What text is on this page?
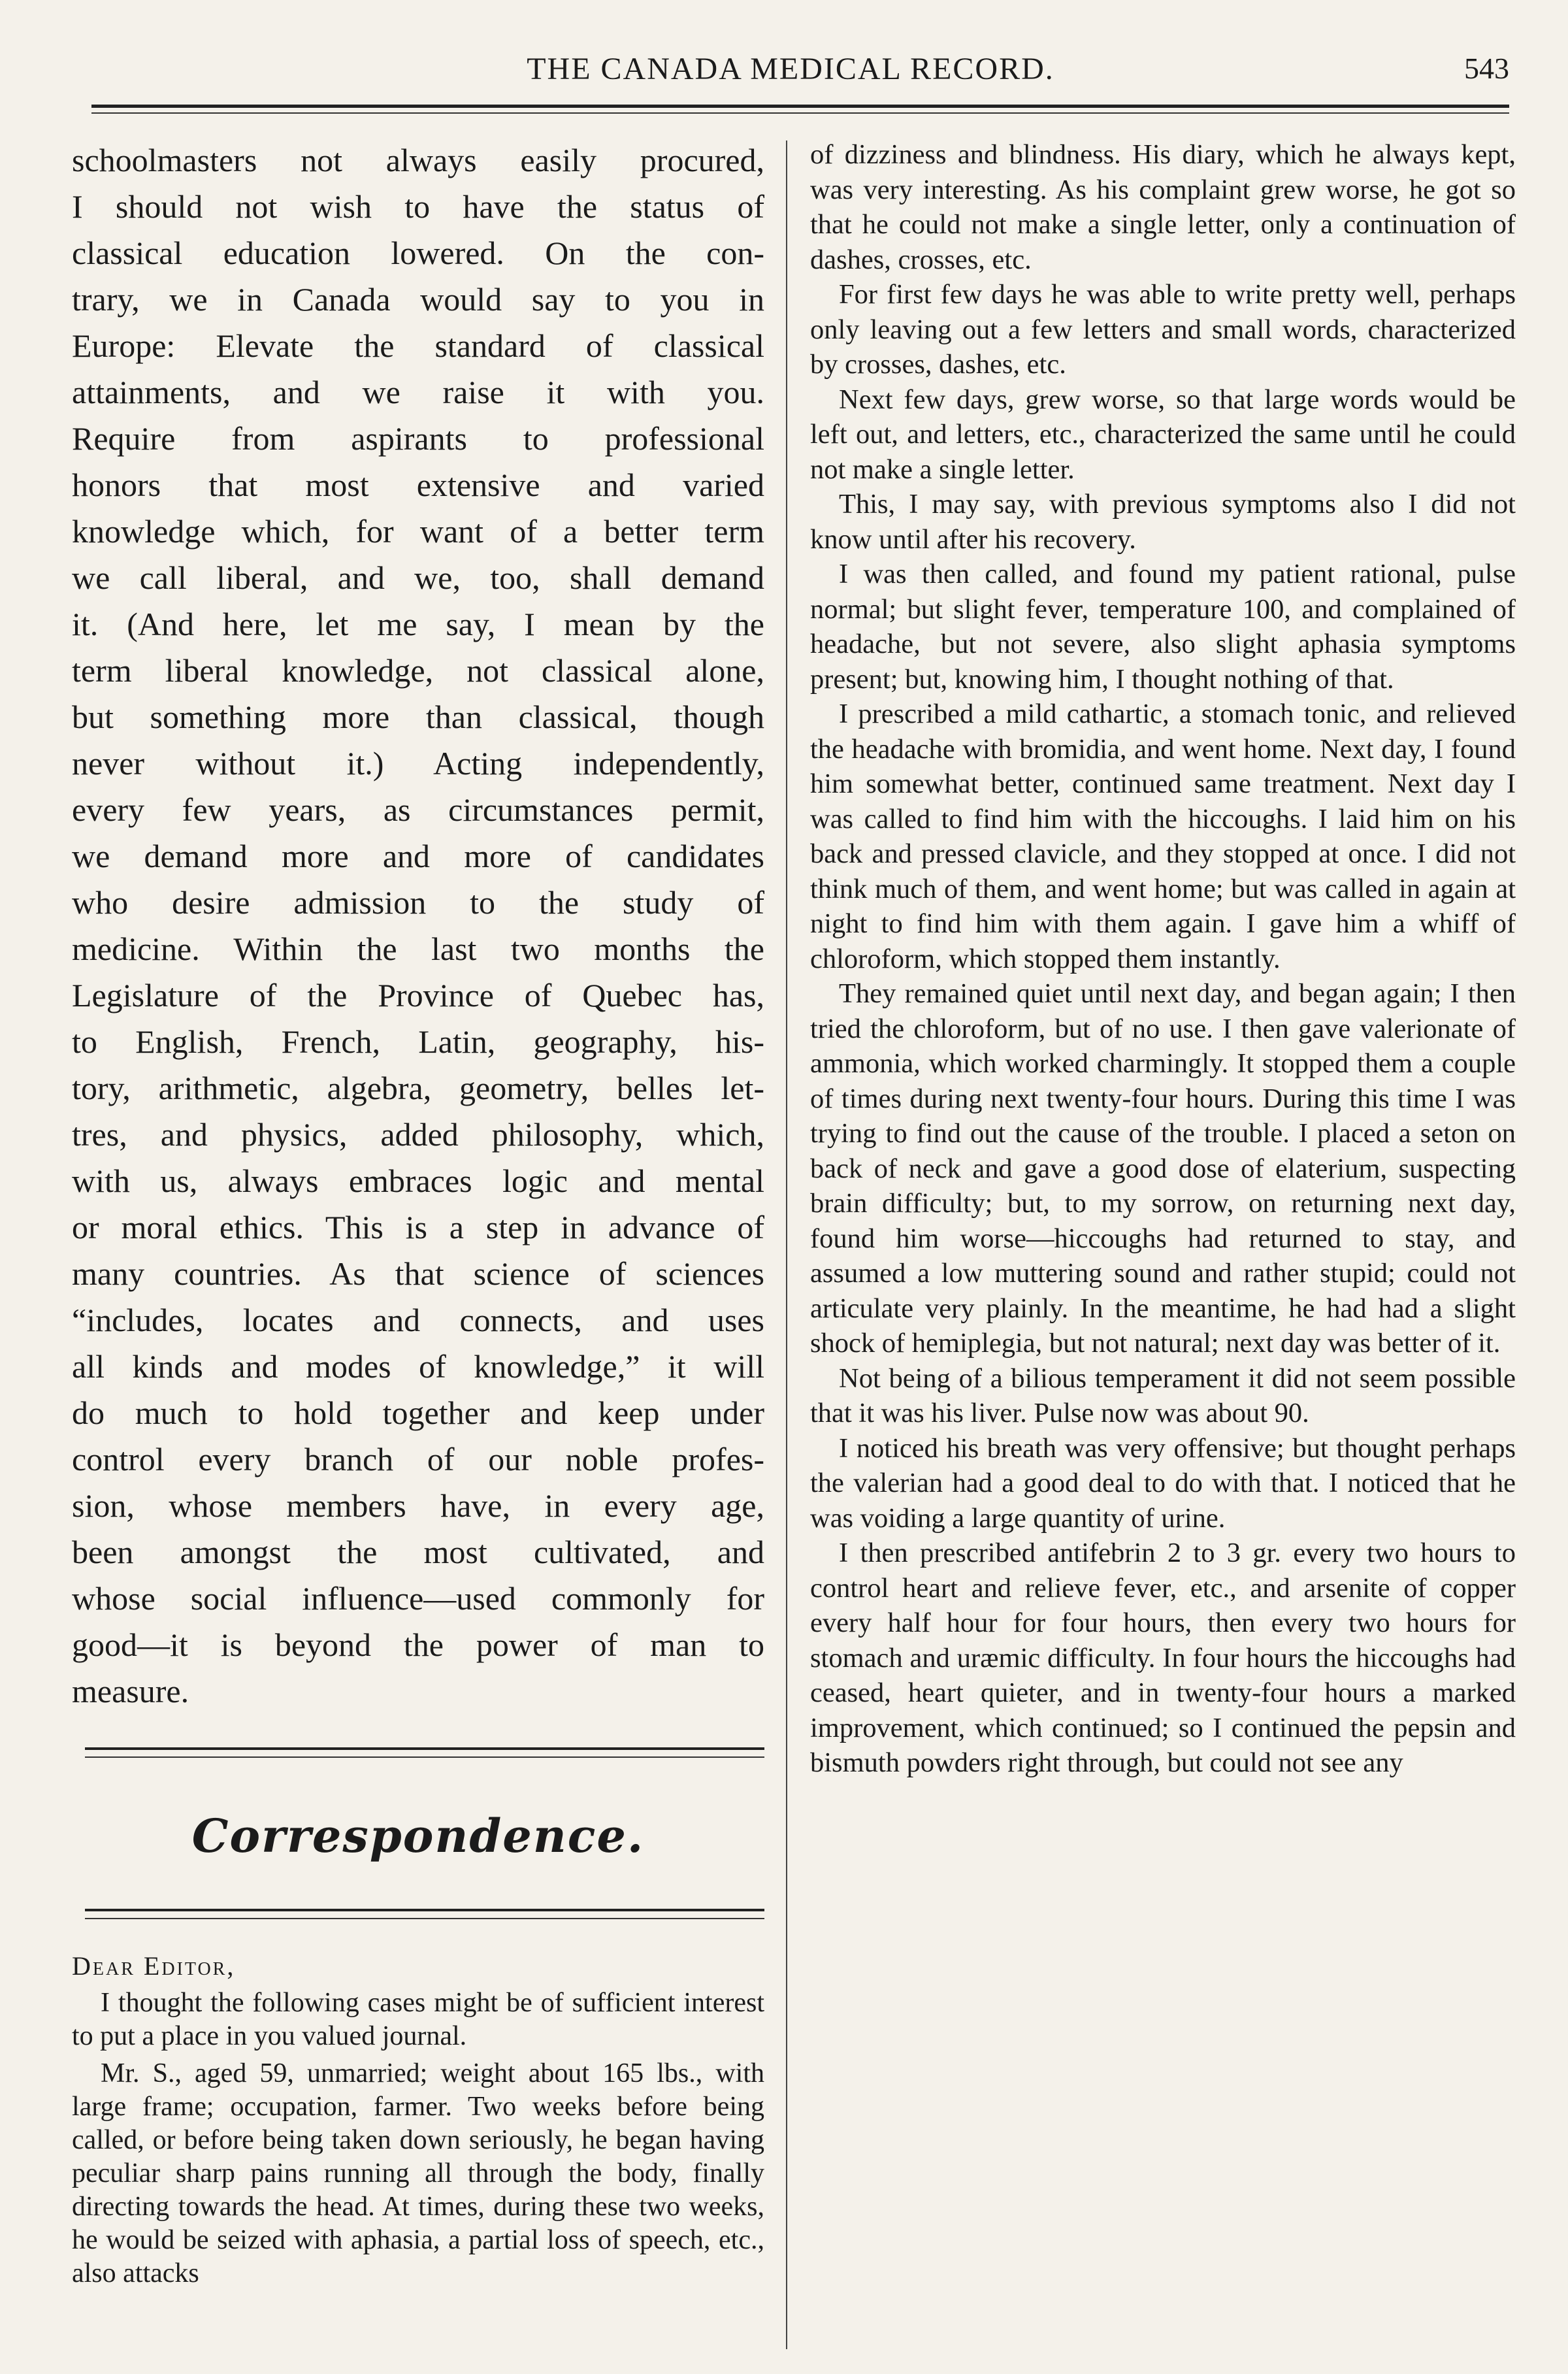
THE CANADA MEDICAL RECORD.	543

schoolmasters not always easily procured,

I should not wish to have the status of

classical education lowered. On the con-

trary, we in Canada would say to you in

Europe: Elevate the standard of classical

attainments, and we raise it with you.

Require from aspirants to professional

honors that most extensive and varied

knowledge which, for want of a better term

we call liberal, and we, too, shall demand

it. (And here, let me say, I mean by the

term liberal knowledge, not classical alone,

but something more than classical, though

never without it.) Acting independently,

every few years, as circumstances permit,

we demand more and more of candidates

who desire admission to the study of

medicine. Within the last two months the

Legislature of the Province of Quebec has,

to English, French, Latin, geography, his-

tory, arithmetic, algebra, geometry, belles let-

tres, and physics, added philosophy, which,

with us, always embraces logic and mental

or moral ethics. This is a step in advance of

many countries. As that science of sciences

“includes, locates and connects, and uses

all kinds and modes of knowledge,” it will

do much to hold together and keep under

control every branch of our noble profes-

sion, whose members have, in every age,

been amongst the most cultivated, and

whose social influence—used commonly for

good—it is beyond the power of man to

measure.

Correspondence.
Dear Editor,

I thought the following cases might be of sufficient interest to put a place in you valued journal.

Mr. S., aged 59, unmarried; weight about 165 lbs., with large frame; occupation, farmer. Two weeks before being called, or before being taken down seriously, he began having peculiar sharp pains running all through the body, finally directing towards the head. At times, during these two weeks, he would be seized with aphasia, a partial loss of speech, etc., also attacks

of dizziness and blindness. His diary, which he always kept, was very interesting. As his complaint grew worse, he got so that he could not make a single letter, only a continuation of dashes, crosses, etc.

For first few days he was able to write pretty well, perhaps only leaving out a few letters and small words, characterized by crosses, dashes, etc.

Next few days, grew worse, so that large words would be left out, and letters, etc., characterized the same until he could not make a single letter.

This, I may say, with previous symptoms also I did not know until after his recovery.

I was then called, and found my patient rational, pulse normal; but slight fever, temperature 100, and complained of headache, but not severe, also slight aphasia symptoms present; but, knowing him, I thought nothing of that.

I prescribed a mild cathartic, a stomach tonic, and relieved the headache with bromidia, and went home. Next day, I found him somewhat better, continued same treatment. Next day I was called to find him with the hiccoughs. I laid him on his back and pressed clavicle, and they stopped at once. I did not think much of them, and went home; but was called in again at night to find him with them again. I gave him a whiff of chloroform, which stopped them instantly.

They remained quiet until next day, and began again; I then tried the chloroform, but of no use. I then gave valerionate of ammonia, which worked charmingly. It stopped them a couple of times during next twenty-four hours. During this time I was trying to find out the cause of the trouble. I placed a seton on back of neck and gave a good dose of elaterium, suspecting brain difficulty; but, to my sorrow, on returning next day, found him worse—hiccoughs had returned to stay, and assumed a low muttering sound and rather stupid; could not articulate very plainly. In the meantime, he had had a slight shock of hemiplegia, but not natural; next day was better of it.

Not being of a bilious temperament it did not seem possible that it was his liver. Pulse now was about 90.

I noticed his breath was very offensive; but thought perhaps the valerian had a good deal to do with that. I noticed that he was voiding a large quantity of urine.

I then prescribed antifebrin 2 to 3 gr. every two hours to control heart and relieve fever, etc., and arsenite of copper every half hour for four hours, then every two hours for stomach and uræmic difficulty. In four hours the hiccoughs had ceased, heart quieter, and in twenty-four hours a marked improvement, which continued; so I continued the pepsin and bismuth powders right through, but could not see any
